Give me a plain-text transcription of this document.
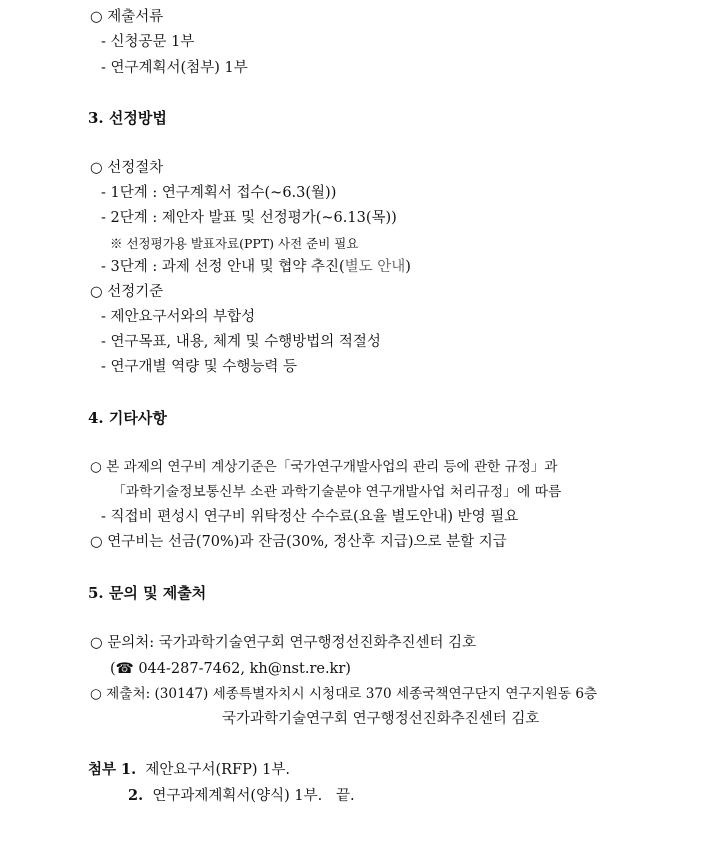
○ 제출서류
- 신청공문 1부
- 연구계획서(첨부) 1부
3. 선정방법
○ 선정절차
- 1단계 : 연구계획서 접수(~6.3(월))
- 2단계 : 제안자 발표 및 선정평가(~6.13(목))
※ 선정평가용 발표자료(PPT) 사전 준비 필요
- 3단계 : 과제 선정 안내 및 협약 추진(별도 안내)
○ 선정기준
- 제안요구서와의 부합성
- 연구목표, 내용, 체계 및 수행방법의 적절성
- 연구개별 역량 및 수행능력 등
4. 기타사항
○ 본 과제의 연구비 계상기준은「국가연구개발사업의 관리 등에 관한 규정」과
「과학기술정보통신부 소관 과학기술분야 연구개발사업 처리규정」에 따름
- 직접비 편성시 연구비 위탁정산 수수료(요율 별도안내) 반영 필요
○ 연구비는 선금(70%)과 잔금(30%, 정산후 지급)으로 분할 지급
5. 문의 및 제출처
○ 문의처: 국가과학기술연구회 연구행정선진화추진센터 김호
(☎ 044-287-7462, kh@nst.re.kr)
○ 제출처: (30147) 세종특별자치시 시청대로 370 세종국책연구단지 연구지원동 6층
국가과학기술연구회 연구행정선진화추진센터 김호
첨부 1. 제안요구서(RFP) 1부.
2. 연구과제계획서(양식) 1부. 끝.
